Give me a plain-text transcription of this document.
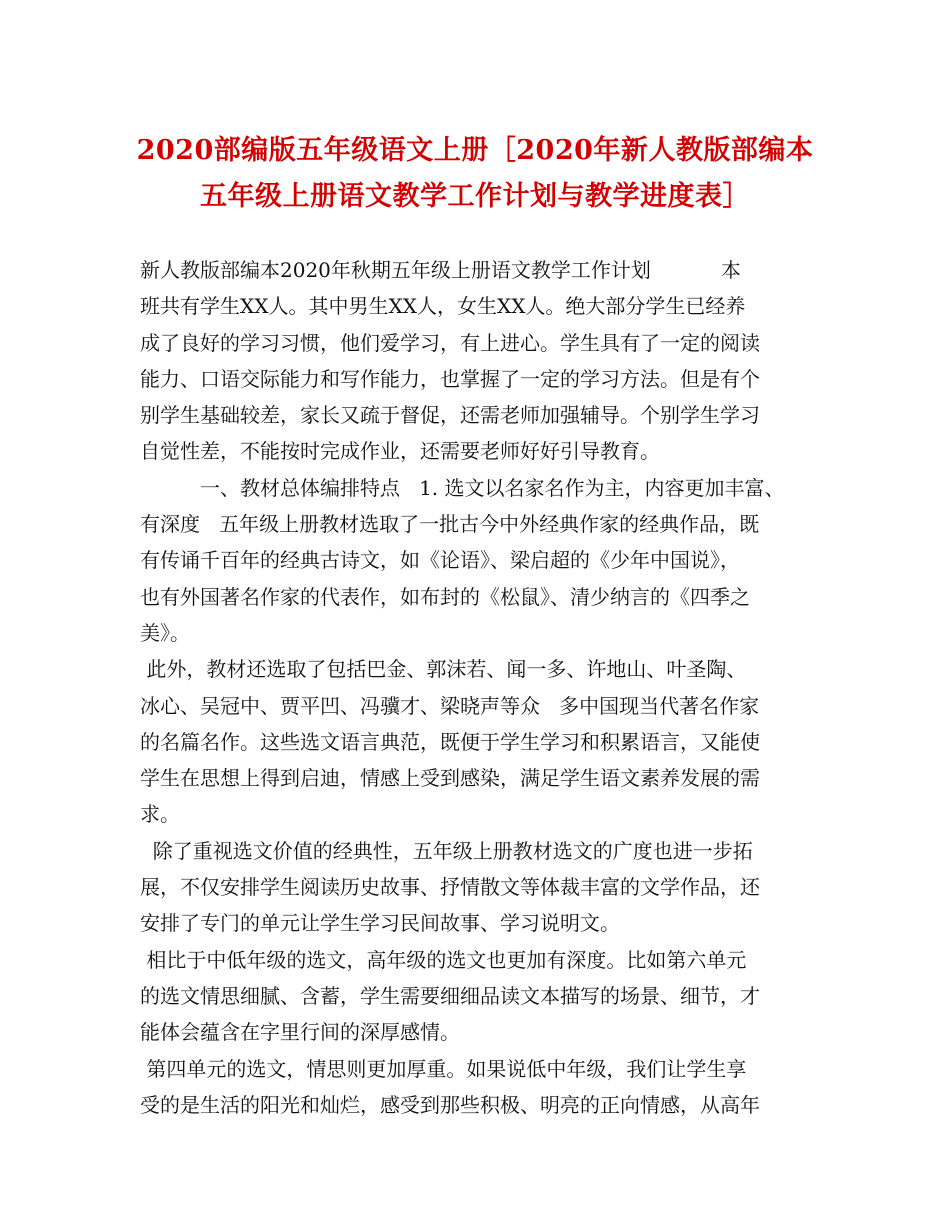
2020部编版五年级语文上册［2020年新人教版部编本
五年级上册语文教学工作计划与教学进度表］
新人教版部编本2020年秋期五年级上册语文教学工作计划           本
班共有学生XX人。其中男生XX人，女生XX人。绝大部分学生已经养
成了良好的学习习惯，他们爱学习，有上进心。学生具有了一定的阅读
能力、口语交际能力和写作能力，也掌握了一定的学习方法。但是有个
别学生基础较差，家长又疏于督促，还需老师加强辅导。个别学生学习
自觉性差，不能按时完成作业，还需要老师好好引导教育。
　　　一、教材总体编排特点   1. 选文以名家名作为主，内容更加丰富、
有深度   五年级上册教材选取了一批古今中外经典作家的经典作品，既
有传诵千百年的经典古诗文，如《论语》、梁启超的《少年中国说》，
也有外国著名作家的代表作，如布封的《松鼠》、清少纳言的《四季之
美》。
此外，教材还选取了包括巴金、郭沫若、闻一多、许地山、叶圣陶、
冰心、吴冠中、贾平凹、冯骥才、梁晓声等众   多中国现当代著名作家
的名篇名作。这些选文语言典范，既便于学生学习和积累语言，又能使
学生在思想上得到启迪，情感上受到感染，满足学生语文素养发展的需
求。
除了重视选文价值的经典性，五年级上册教材选文的广度也进一步拓
展，不仅安排学生阅读历史故事、抒情散文等体裁丰富的文学作品，还
安排了专门的单元让学生学习民间故事、学习说明文。
相比于中低年级的选文，高年级的选文也更加有深度。比如第六单元
的选文情思细腻、含蓄，学生需要细细品读文本描写的场景、细节，才
能体会蕴含在字里行间的深厚感情。
第四单元的选文，情思则更加厚重。如果说低中年级，我们让学生享
受的是生活的阳光和灿烂，感受到那些积极、明亮的正向情感，从高年
